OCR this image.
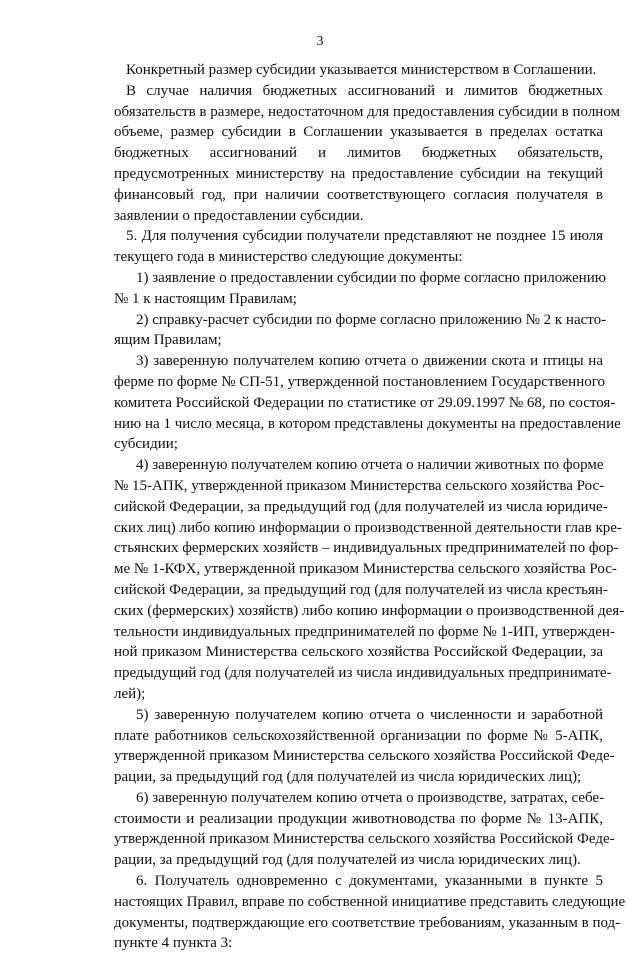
3
Конкретный размер субсидии указывается министерством в Соглашении.
В случае наличия бюджетных ассигнований и лимитов бюджетных
обязательств в размере, недостаточном для предоставления субсидии в полном
объеме, размер субсидии в Соглашении указывается в пределах остатка
бюджетных ассигнований и лимитов бюджетных обязательств,
предусмотренных министерству на предоставление субсидии на текущий
финансовый год, при наличии соответствующего согласия получателя в
заявлении о предоставлении субсидии.
5. Для получения субсидии получатели представляют не позднее 15 июля
текущего года в министерство следующие документы:
1) заявление о предоставлении субсидии по форме согласно приложению
№ 1 к настоящим Правилам;
2) справку-расчет субсидии по форме согласно приложению № 2 к насто-
ящим Правилам;
3) заверенную получателем копию отчета о движении скота и птицы на
ферме по форме № СП-51, утвержденной постановлением Государственного
комитета Российской Федерации по статистике от 29.09.1997 № 68, по состоя-
нию на 1 число месяца, в котором представлены документы на предоставление
субсидии;
4) заверенную получателем копию отчета о наличии животных по форме
№ 15-АПК, утвержденной приказом Министерства сельского хозяйства Рос-
сийской Федерации, за предыдущий год (для получателей из числа юридиче-
ских лиц) либо копию информации о производственной деятельности глав кре-
стьянских фермерских хозяйств – индивидуальных предпринимателей по фор-
ме № 1-КФХ, утвержденной приказом Министерства сельского хозяйства Рос-
сийской Федерации, за предыдущий год (для получателей из числа крестьян-
ских (фермерских) хозяйств) либо копию информации о производственной дея-
тельности индивидуальных предпринимателей по форме № 1-ИП, утвержден-
ной приказом Министерства сельского хозяйства Российской Федерации, за
предыдущий год (для получателей из числа индивидуальных предпринимате-
лей);
5) заверенную получателем копию отчета о численности и заработной
плате работников сельскохозяйственной организации по форме № 5-АПК,
утвержденной приказом Министерства сельского хозяйства Российской Феде-
рации, за предыдущий год (для получателей из числа юридических лиц);
6) заверенную получателем копию отчета о производстве, затратах, себе-
стоимости и реализации продукции животноводства по форме № 13-АПК,
утвержденной приказом Министерства сельского хозяйства Российской Феде-
рации, за предыдущий год (для получателей из числа юридических лиц).
6. Получатель одновременно с документами, указанными в пункте 5
настоящих Правил, вправе по собственной инициативе представить следующие
документы, подтверждающие его соответствие требованиям, указанным в под-
пункте 4 пункта 3:
